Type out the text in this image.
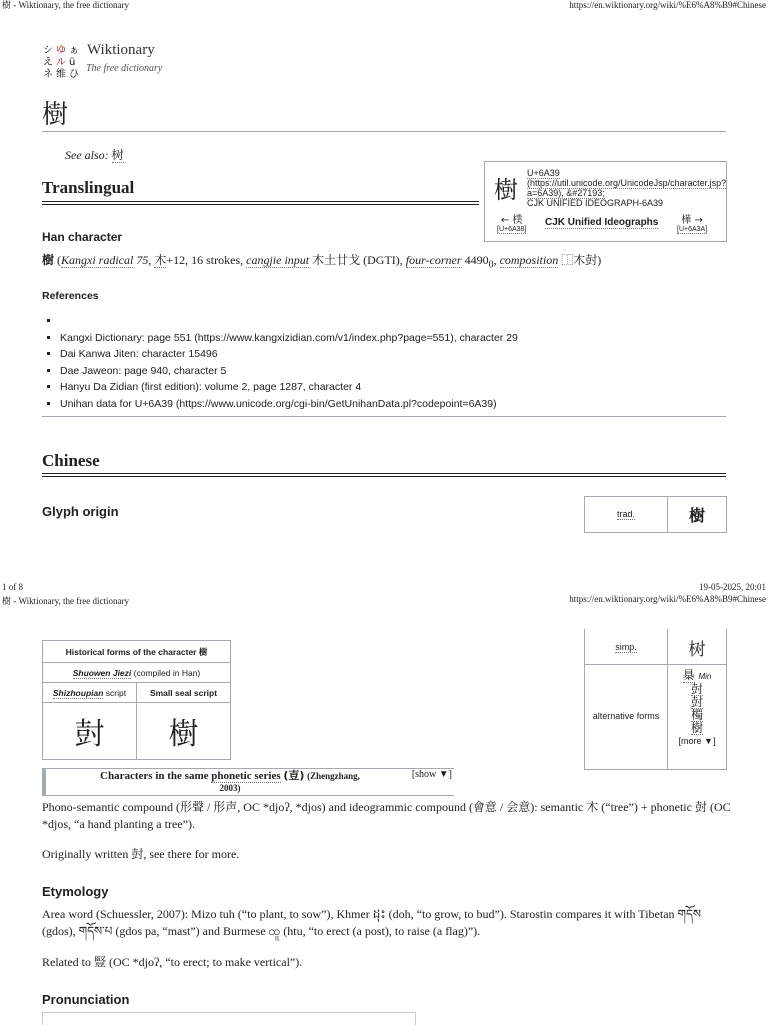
樹 - Wiktionary, the free dictionary	https://en.wiktionary.org/wiki/%E6%A8%B9#Chinese
シ ゆ ぁ
え ル ü
ネ 维 ひ
Wiktionary
The free dictionary
樹
See also: 树
樹
U+6A39 (https://util.unicode.org/UnicodeJsp/character.jsp?a=6A39), &#27193;
CJK UNIFIED IDEOGRAPH-6A39
← 樸
[U+6A38]
CJK Unified Ideographs	樺 →
[U+6A3A]
Translingual
Han character
樹 (Kangxi radical 75, 木+12, 16 strokes, cangjie input 木土廿戈 (DGTI), four-corner $4490_0$, composition ⿰木尌)
References
▪
▪ Kangxi Dictionary: page 551 (https://www.kangxizidian.com/v1/index.php?page=551), character 29
▪ Dai Kanwa Jiten: character 15496
▪ Dae Jaweon: page 940, character 5
▪ Hanyu Da Zidian (first edition): volume 2, page 1287, character 4
▪ Unihan data for U+6A39 (https://www.unicode.org/cgi-bin/GetUnihanData.pl?codepoint=6A39)
Chinese
Glyph origin	trad.	樹
1 of 8	19-05-2025, 20:01
樹 - Wiktionary, the free dictionary	https://en.wiktionary.org/wiki/%E6%A8%B9#Chinese
simp.	树
alternative forms
㮂 Min
尌
尌
㯮
樹
[more ▼]
Historical forms of the character 樹	
Shuowen Jiezi (compiled in Han)	
Shizhoupian script	Small seal script
尌	樹
Characters in the same phonetic series (壴) (Zhengzhang,
2003)
[show ▼]

Phono-semantic compound (形聲 / 形声, OC *djoʔ, *djos) and ideogrammic compound (會意 / 会意): semantic 木 (“tree”) + phonetic 尌 (OC *djos, “a hand planting a tree”).

Originally written 尌, see there for more.

Etymology

Area word (Schuessler, 2007): Mizo tuh (“to plant, to sow”), Khmer ដុះ (doh, “to grow, to bud”). Starostin compares it with Tibetan གདོས (gdos), གདོས་པ (gdos pa, “mast”) and Burmese ထူ (htu, “to erect (a post), to raise (a flag)”).

Related to 豎 (OC *djoʔ, “to erect; to make vertical”).

Pronunciation
